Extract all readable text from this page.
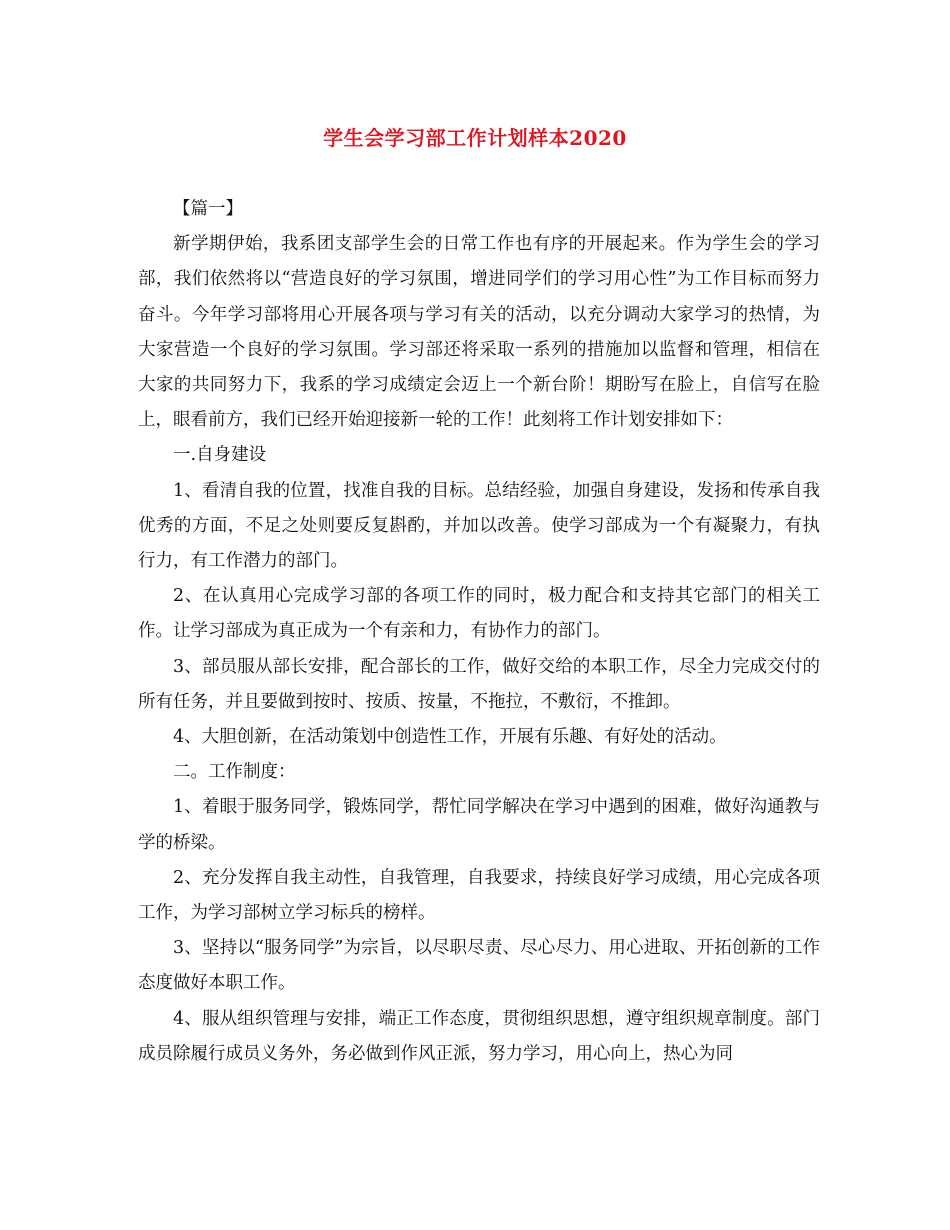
学生会学习部工作计划样本2020

【篇一】

新学期伊始，我系团支部学生会的日常工作也有序的开展起来。作为学生会的学习部，我们依然将以“营造良好的学习氛围，增进同学们的学习用心性”为工作目标而努力奋斗。今年学习部将用心开展各项与学习有关的活动，以充分调动大家学习的热情，为大家营造一个良好的学习氛围。学习部还将采取一系列的措施加以监督和管理，相信在大家的共同努力下，我系的学习成绩定会迈上一个新台阶！期盼写在脸上，自信写在脸上，眼看前方，我们已经开始迎接新一轮的工作！此刻将工作计划安排如下：

一.自身建设

1、看清自我的位置，找准自我的目标。总结经验，加强自身建设，发扬和传承自我优秀的方面，不足之处则要反复斟酌，并加以改善。使学习部成为一个有凝聚力，有执行力，有工作潜力的部门。

2、在认真用心完成学习部的各项工作的同时，极力配合和支持其它部门的相关工作。让学习部成为真正成为一个有亲和力，有协作力的部门。

3、部员服从部长安排，配合部长的工作，做好交给的本职工作，尽全力完成交付的所有任务，并且要做到按时、按质、按量，不拖拉，不敷衍，不推卸。

4、大胆创新，在活动策划中创造性工作，开展有乐趣、有好处的活动。

二。工作制度：

1、着眼于服务同学，锻炼同学，帮忙同学解决在学习中遇到的困难，做好沟通教与学的桥梁。

2、充分发挥自我主动性，自我管理，自我要求，持续良好学习成绩，用心完成各项工作，为学习部树立学习标兵的榜样。

3、坚持以“服务同学”为宗旨，以尽职尽责、尽心尽力、用心进取、开拓创新的工作态度做好本职工作。

4、服从组织管理与安排，端正工作态度，贯彻组织思想，遵守组织规章制度。部门成员除履行成员义务外，务必做到作风正派，努力学习，用心向上，热心为同
